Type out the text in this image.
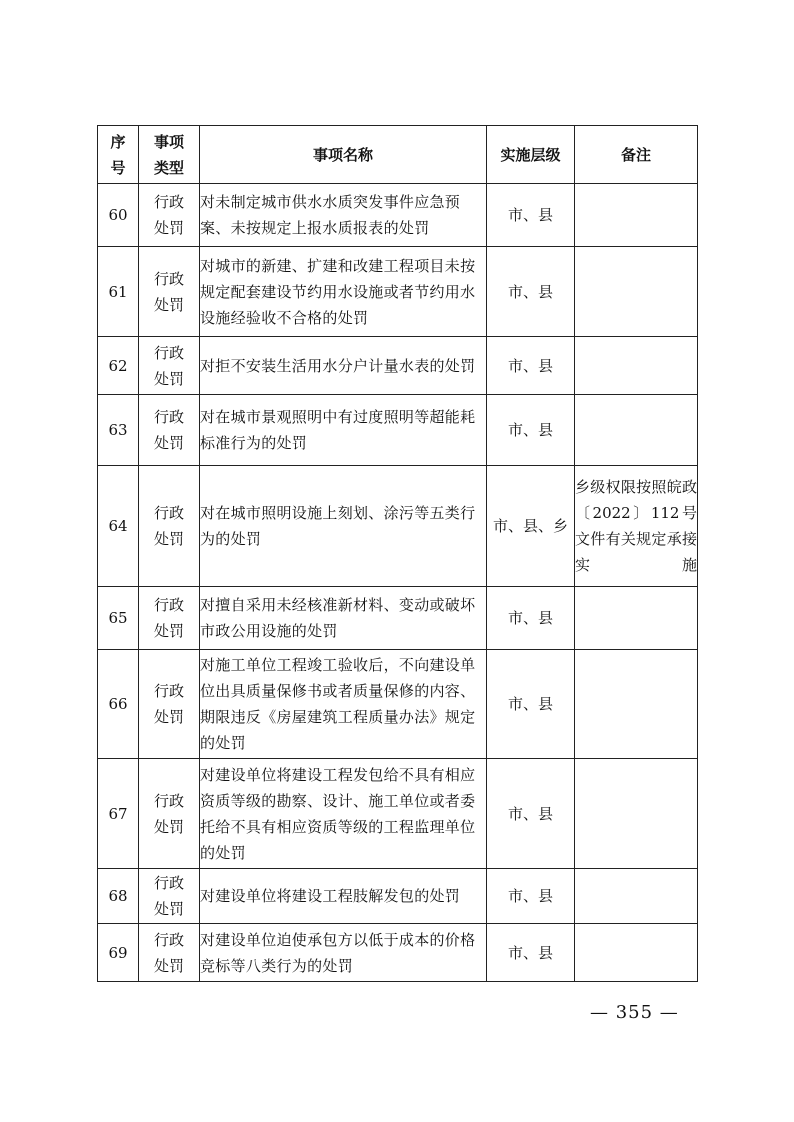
序号	事项类型	事项名称	实施层级	备注
60	行政处罚	对未制定城市供水水质突发事件应急预案、未按规定上报水质报表的处罚	市、县	
61	行政处罚	对城市的新建、扩建和改建工程项目未按规定配套建设节约用水设施或者节约用水设施经验收不合格的处罚	市、县	
62	行政处罚	对拒不安装生活用水分户计量水表的处罚	市、县	
63	行政处罚	对在城市景观照明中有过度照明等超能耗标准行为的处罚	市、县	
64	行政处罚	对在城市照明设施上刻划、涂污等五类行为的处罚	市、县、乡	乡级权限按照皖政〔2022〕112号文件有关规定承接实施
65	行政处罚	对擅自采用未经核准新材料、变动或破坏市政公用设施的处罚	市、县	
66	行政处罚	对施工单位工程竣工验收后，不向建设单位出具质量保修书或者质量保修的内容、期限违反《房屋建筑工程质量办法》规定的处罚	市、县	
67	行政处罚	对建设单位将建设工程发包给不具有相应资质等级的勘察、设计、施工单位或者委托给不具有相应资质等级的工程监理单位的处罚	市、县	
68	行政处罚	对建设单位将建设工程肢解发包的处罚	市、县	
69	行政处罚	对建设单位迫使承包方以低于成本的价格竞标等八类行为的处罚	市、县	
— 355 —
